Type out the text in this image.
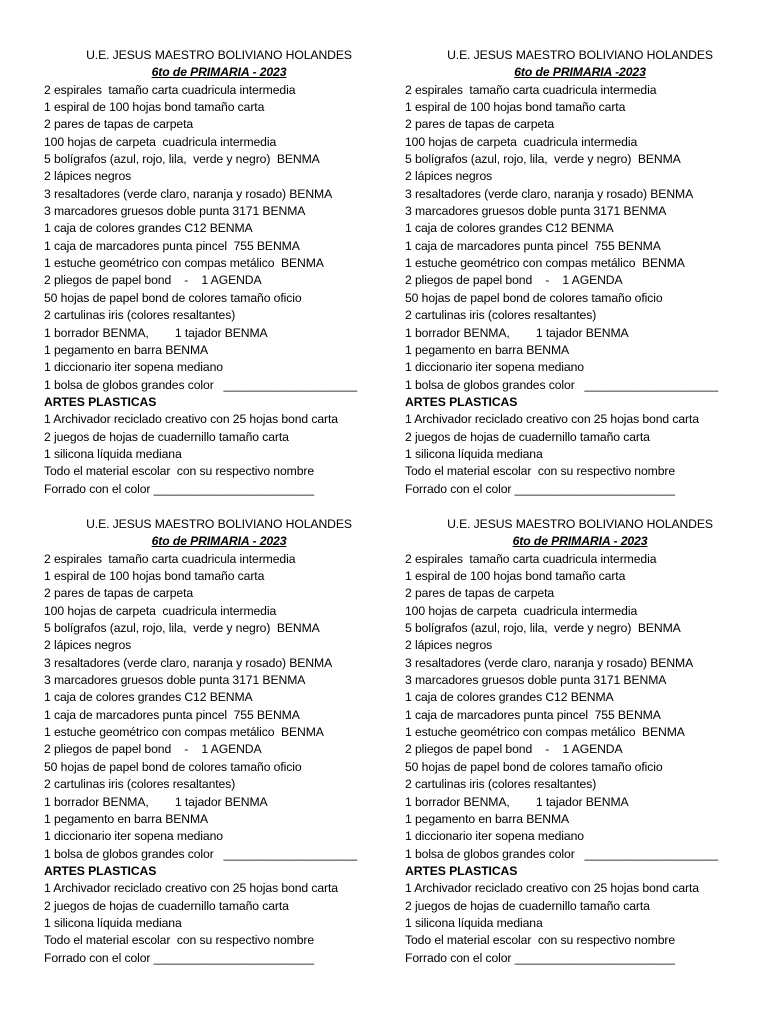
U.E. JESUS MAESTRO BOLIVIANO HOLANDES
6to de PRIMARIA - 2023
2 espirales  tamaño carta cuadricula intermedia
1 espiral de 100 hojas bond tamaño carta
2 pares de tapas de carpeta
100 hojas de carpeta  cuadricula intermedia
5 bolígrafos (azul, rojo, lila,  verde y negro)  BENMA
2 lápices negros
3 resaltadores (verde claro, naranja y rosado) BENMA
3 marcadores gruesos doble punta 3171 BENMA
1 caja de colores grandes C12 BENMA
1 caja de marcadores punta pincel  755 BENMA
1 estuche geométrico con compas metálico  BENMA
2 pliegos de papel bond    -    1 AGENDA
50 hojas de papel bond de colores tamaño oficio
2 cartulinas iris (colores resaltantes)
1 borrador BENMA,        1 tajador BENMA
1 pegamento en barra BENMA
1 diccionario iter sopena mediano
1 bolsa de globos grandes color   ____________________
ARTES PLASTICAS
1 Archivador reciclado creativo con 25 hojas bond carta
2 juegos de hojas de cuadernillo tamaño carta
1 silicona líquida mediana
Todo el material escolar  con su respectivo nombre
Forrado con el color ________________________
U.E. JESUS MAESTRO BOLIVIANO HOLANDES
6to de PRIMARIA -2023
2 espirales  tamaño carta cuadricula intermedia
1 espiral de 100 hojas bond tamaño carta
2 pares de tapas de carpeta
100 hojas de carpeta  cuadricula intermedia
5 bolígrafos (azul, rojo, lila,  verde y negro)  BENMA
2 lápices negros
3 resaltadores (verde claro, naranja y rosado) BENMA
3 marcadores gruesos doble punta 3171 BENMA
1 caja de colores grandes C12 BENMA
1 caja de marcadores punta pincel  755 BENMA
1 estuche geométrico con compas metálico  BENMA
2 pliegos de papel bond    -    1 AGENDA
50 hojas de papel bond de colores tamaño oficio
2 cartulinas iris (colores resaltantes)
1 borrador BENMA,        1 tajador BENMA
1 pegamento en barra BENMA
1 diccionario iter sopena mediano
1 bolsa de globos grandes color   ____________________
ARTES PLASTICAS
1 Archivador reciclado creativo con 25 hojas bond carta
2 juegos de hojas de cuadernillo tamaño carta
1 silicona líquida mediana
Todo el material escolar  con su respectivo nombre
Forrado con el color ________________________
U.E. JESUS MAESTRO BOLIVIANO HOLANDES
6to de PRIMARIA - 2023
2 espirales  tamaño carta cuadricula intermedia
1 espiral de 100 hojas bond tamaño carta
2 pares de tapas de carpeta
100 hojas de carpeta  cuadricula intermedia
5 bolígrafos (azul, rojo, lila,  verde y negro)  BENMA
2 lápices negros
3 resaltadores (verde claro, naranja y rosado) BENMA
3 marcadores gruesos doble punta 3171 BENMA
1 caja de colores grandes C12 BENMA
1 caja de marcadores punta pincel  755 BENMA
1 estuche geométrico con compas metálico  BENMA
2 pliegos de papel bond    -    1 AGENDA
50 hojas de papel bond de colores tamaño oficio
2 cartulinas iris (colores resaltantes)
1 borrador BENMA,        1 tajador BENMA
1 pegamento en barra BENMA
1 diccionario iter sopena mediano
1 bolsa de globos grandes color   ____________________
ARTES PLASTICAS
1 Archivador reciclado creativo con 25 hojas bond carta
2 juegos de hojas de cuadernillo tamaño carta
1 silicona líquida mediana
Todo el material escolar  con su respectivo nombre
Forrado con el color ________________________
U.E. JESUS MAESTRO BOLIVIANO HOLANDES
6to de PRIMARIA - 2023
2 espirales  tamaño carta cuadricula intermedia
1 espiral de 100 hojas bond tamaño carta
2 pares de tapas de carpeta
100 hojas de carpeta  cuadricula intermedia
5 bolígrafos (azul, rojo, lila,  verde y negro)  BENMA
2 lápices negros
3 resaltadores (verde claro, naranja y rosado) BENMA
3 marcadores gruesos doble punta 3171 BENMA
1 caja de colores grandes C12 BENMA
1 caja de marcadores punta pincel  755 BENMA
1 estuche geométrico con compas metálico  BENMA
2 pliegos de papel bond    -    1 AGENDA
50 hojas de papel bond de colores tamaño oficio
2 cartulinas iris (colores resaltantes)
1 borrador BENMA,        1 tajador BENMA
1 pegamento en barra BENMA
1 diccionario iter sopena mediano
1 bolsa de globos grandes color   ____________________
ARTES PLASTICAS
1 Archivador reciclado creativo con 25 hojas bond carta
2 juegos de hojas de cuadernillo tamaño carta
1 silicona líquida mediana
Todo el material escolar  con su respectivo nombre
Forrado con el color ________________________
